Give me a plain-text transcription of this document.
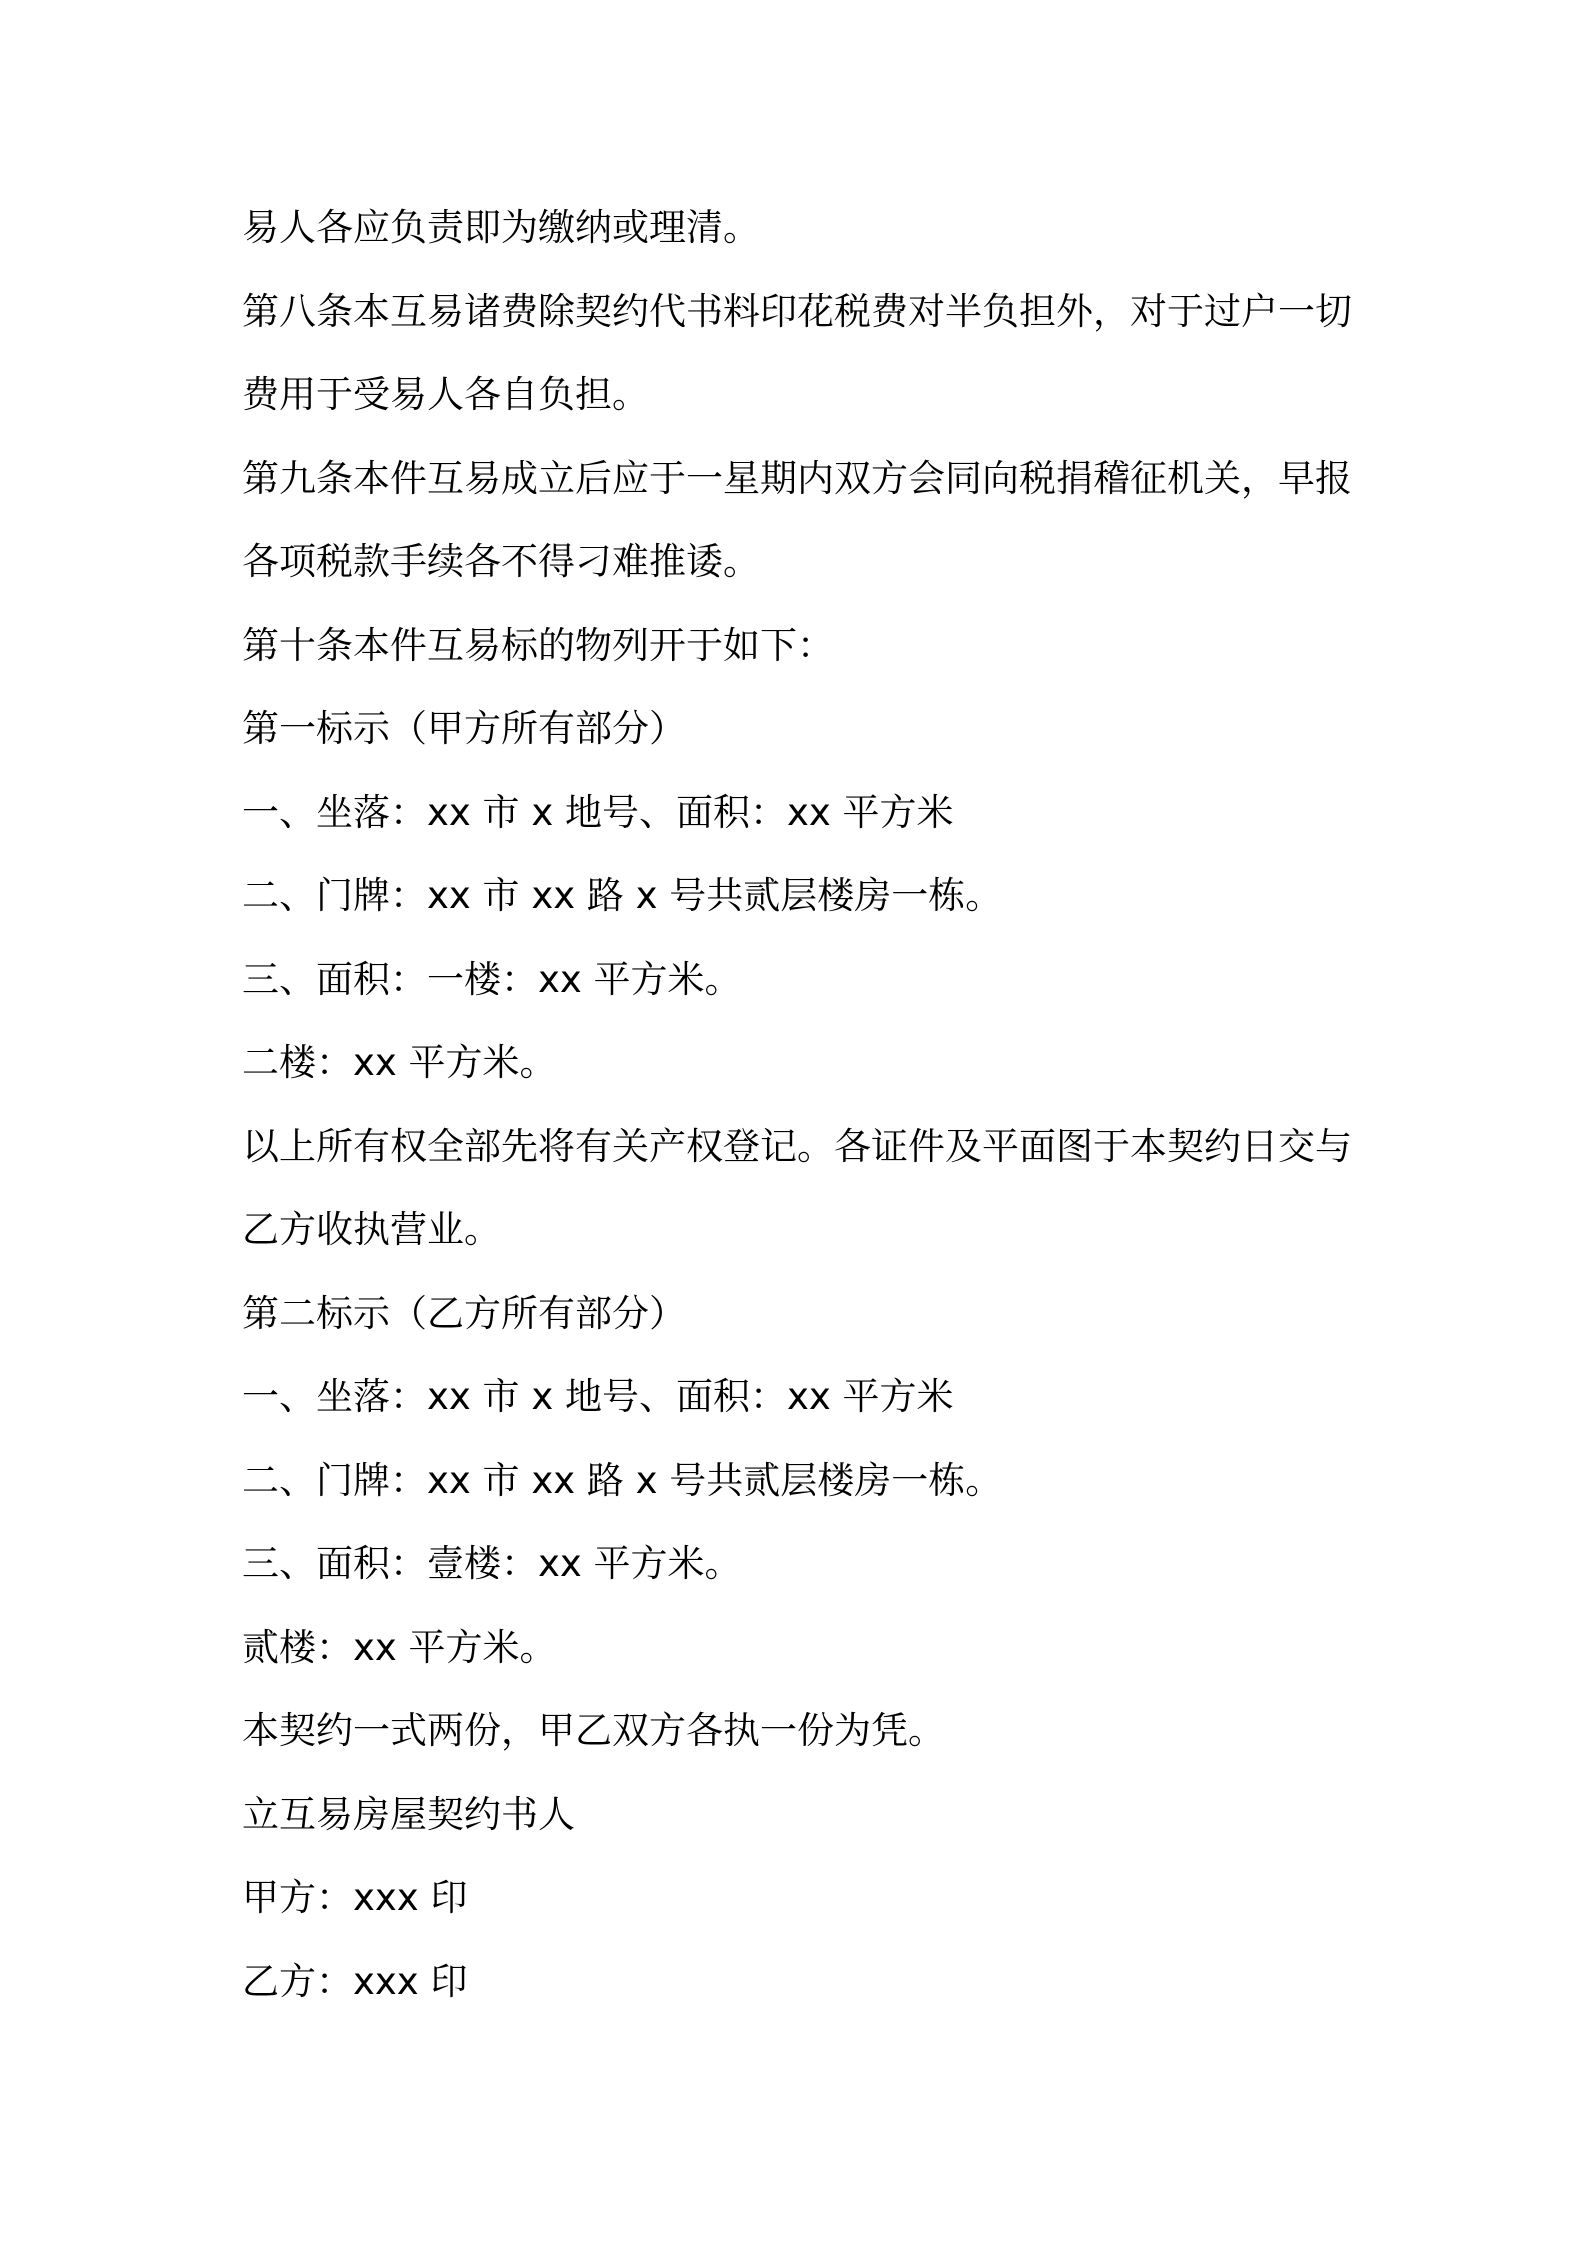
易人各应负责即为缴纳或理清。

第八条本互易诸费除契约代书料印花税费对半负担外，对于过户一切

费用于受易人各自负担。

第九条本件互易成立后应于一星期内双方会同向税捐稽征机关，早报

各项税款手续各不得刁难推诿。

第十条本件互易标的物列开于如下：

第一标示（甲方所有部分）

一、坐落：xx 市 x 地号、面积：xx 平方米

二、门牌：xx 市 xx 路 x 号共贰层楼房一栋。

三、面积：一楼：xx 平方米。

二楼：xx 平方米。

以上所有权全部先将有关产权登记。各证件及平面图于本契约日交与

乙方收执营业。

第二标示（乙方所有部分）

一、坐落：xx 市 x 地号、面积：xx 平方米

二、门牌：xx 市 xx 路 x 号共贰层楼房一栋。

三、面积：壹楼：xx 平方米。

贰楼：xx 平方米。

本契约一式两份，甲乙双方各执一份为凭。

立互易房屋契约书人

甲方：xxx 印

乙方：xxx 印
